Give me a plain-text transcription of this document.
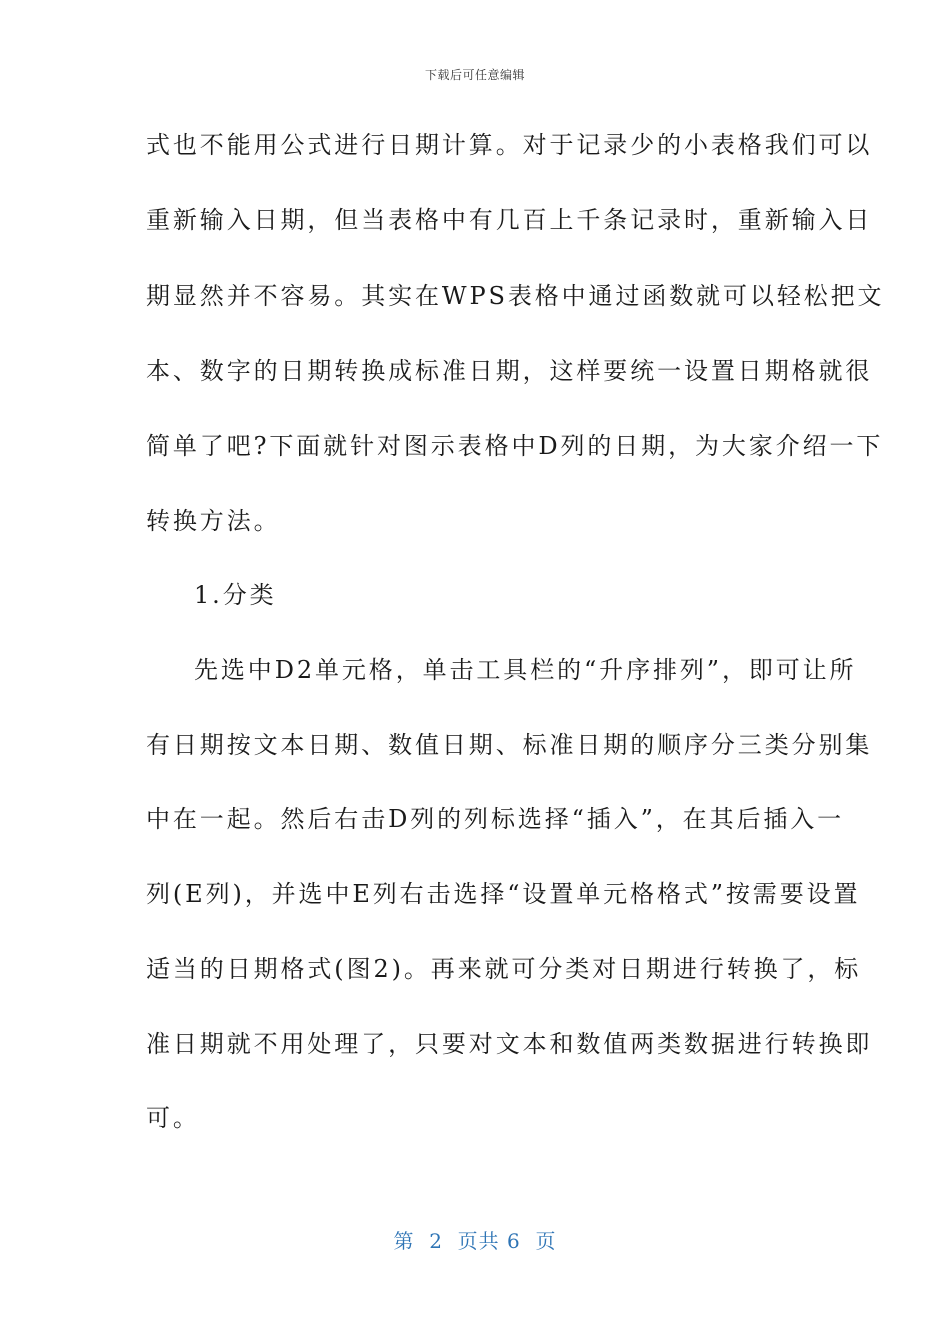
下载后可任意编辑
式也不能用公式进行日期计算。对于记录少的小表格我们可以
重新输入日期，但当表格中有几百上千条记录时，重新输入日
期显然并不容易。其实在WPS表格中通过函数就可以轻松把文
本、数字的日期转换成标准日期，这样要统一设置日期格就很
简单了吧?下面就针对图示表格中D列的日期，为大家介绍一下
转换方法。
1.分类
先选中D2单元格，单击工具栏的“升序排列”，即可让所
有日期按文本日期、数值日期、标准日期的顺序分三类分别集
中在一起。然后右击D列的列标选择“插入”，在其后插入一
列(E列)，并选中E列右击选择“设置单元格格式”按需要设置
适当的日期格式(图2)。再来就可分类对日期进行转换了，标
准日期就不用处理了，只要对文本和数值两类数据进行转换即
可。
第  2  页共 6  页
